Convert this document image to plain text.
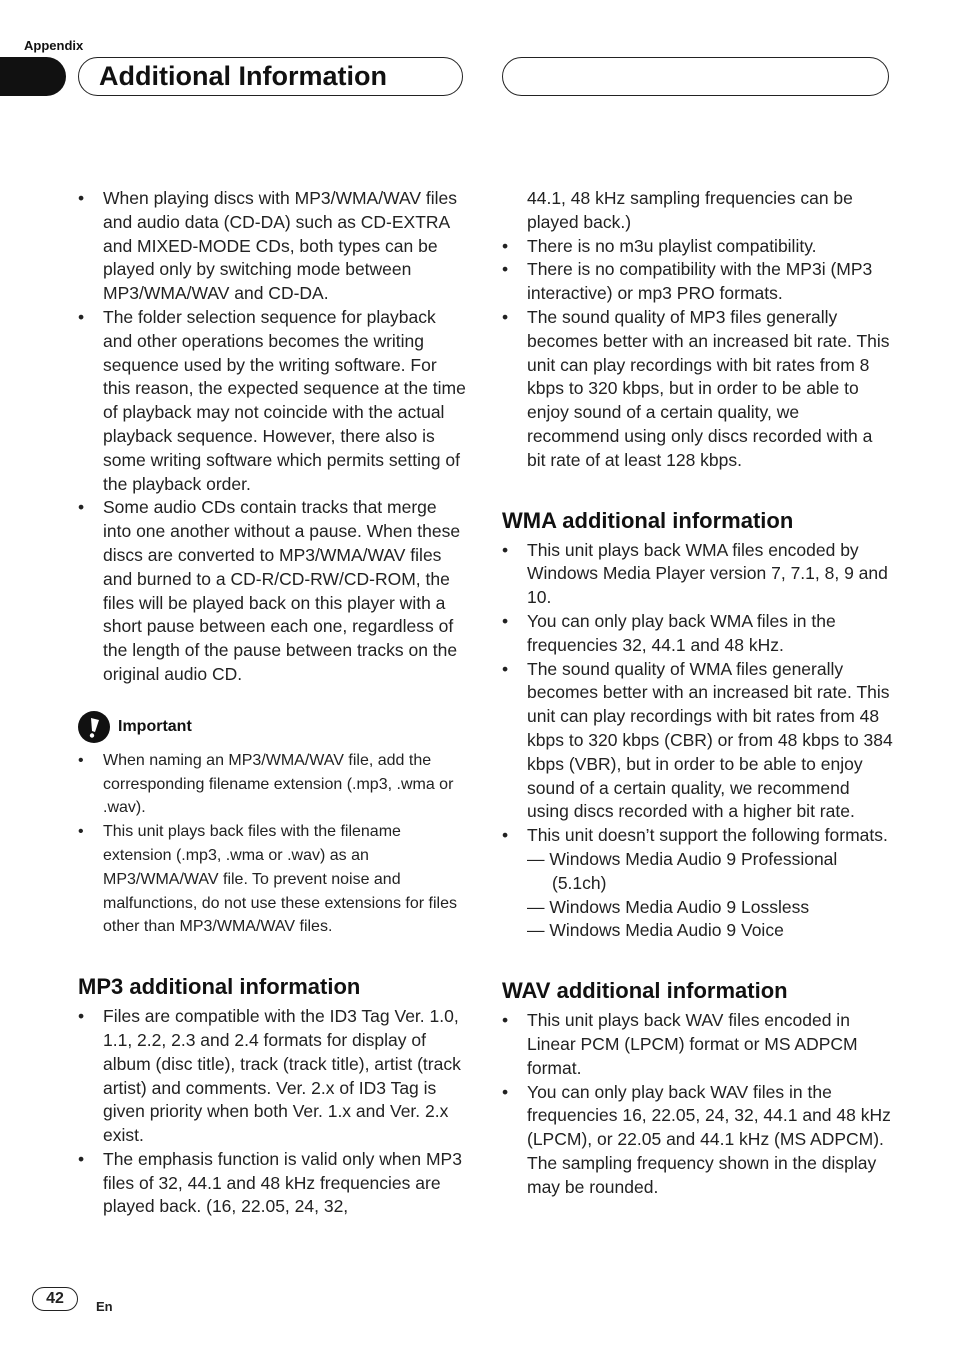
Appendix
Additional Information
• When playing discs with MP3/WMA/WAV files and audio data (CD-DA) such as CD-EXTRA and MIXED-MODE CDs, both types can be played only by switching mode between MP3/WMA/WAV and CD-DA.
• The folder selection sequence for playback and other operations becomes the writing sequence used by the writing software. For this reason, the expected sequence at the time of playback may not coincide with the actual playback sequence. However, there also is some writing software which permits setting of the playback order.
• Some audio CDs contain tracks that merge into one another without a pause. When these discs are converted to MP3/WMA/WAV files and burned to a CD-R/CD-RW/CD-ROM, the files will be played back on this player with a short pause between each one, regardless of the length of the pause between tracks on the original audio CD.
Important
• When naming an MP3/WMA/WAV file, add the corresponding filename extension (.mp3, .wma or .wav).
• This unit plays back files with the filename extension (.mp3, .wma or .wav) as an MP3/WMA/WAV file. To prevent noise and malfunctions, do not use these extensions for files other than MP3/WMA/WAV files.
MP3 additional information
• Files are compatible with the ID3 Tag Ver. 1.0, 1.1, 2.2, 2.3 and 2.4 formats for display of album (disc title), track (track title), artist (track artist) and comments. Ver. 2.x of ID3 Tag is given priority when both Ver. 1.x and Ver. 2.x exist.
• The emphasis function is valid only when MP3 files of 32, 44.1 and 48 kHz frequencies are played back. (16, 22.05, 24, 32,
44.1, 48 kHz sampling frequencies can be played back.)
• There is no m3u playlist compatibility.
• There is no compatibility with the MP3i (MP3 interactive) or mp3 PRO formats.
• The sound quality of MP3 files generally becomes better with an increased bit rate. This unit can play recordings with bit rates from 8 kbps to 320 kbps, but in order to be able to enjoy sound of a certain quality, we recommend using only discs recorded with a bit rate of at least 128 kbps.
WMA additional information
• This unit plays back WMA files encoded by Windows Media Player version 7, 7.1, 8, 9 and 10.
• You can only play back WMA files in the frequencies 32, 44.1 and 48 kHz.
• The sound quality of WMA files generally becomes better with an increased bit rate. This unit can play recordings with bit rates from 48 kbps to 320 kbps (CBR) or from 48 kbps to 384 kbps (VBR), but in order to be able to enjoy sound of a certain quality, we recommend using discs recorded with a higher bit rate.
• This unit doesn’t support the following formats.
— Windows Media Audio 9 Professional (5.1ch)
— Windows Media Audio 9 Lossless
— Windows Media Audio 9 Voice
WAV additional information
• This unit plays back WAV files encoded in Linear PCM (LPCM) format or MS ADPCM format.
• You can only play back WAV files in the frequencies 16, 22.05, 24, 32, 44.1 and 48 kHz (LPCM), or 22.05 and 44.1 kHz (MS ADPCM). The sampling frequency shown in the display may be rounded.
42	En
